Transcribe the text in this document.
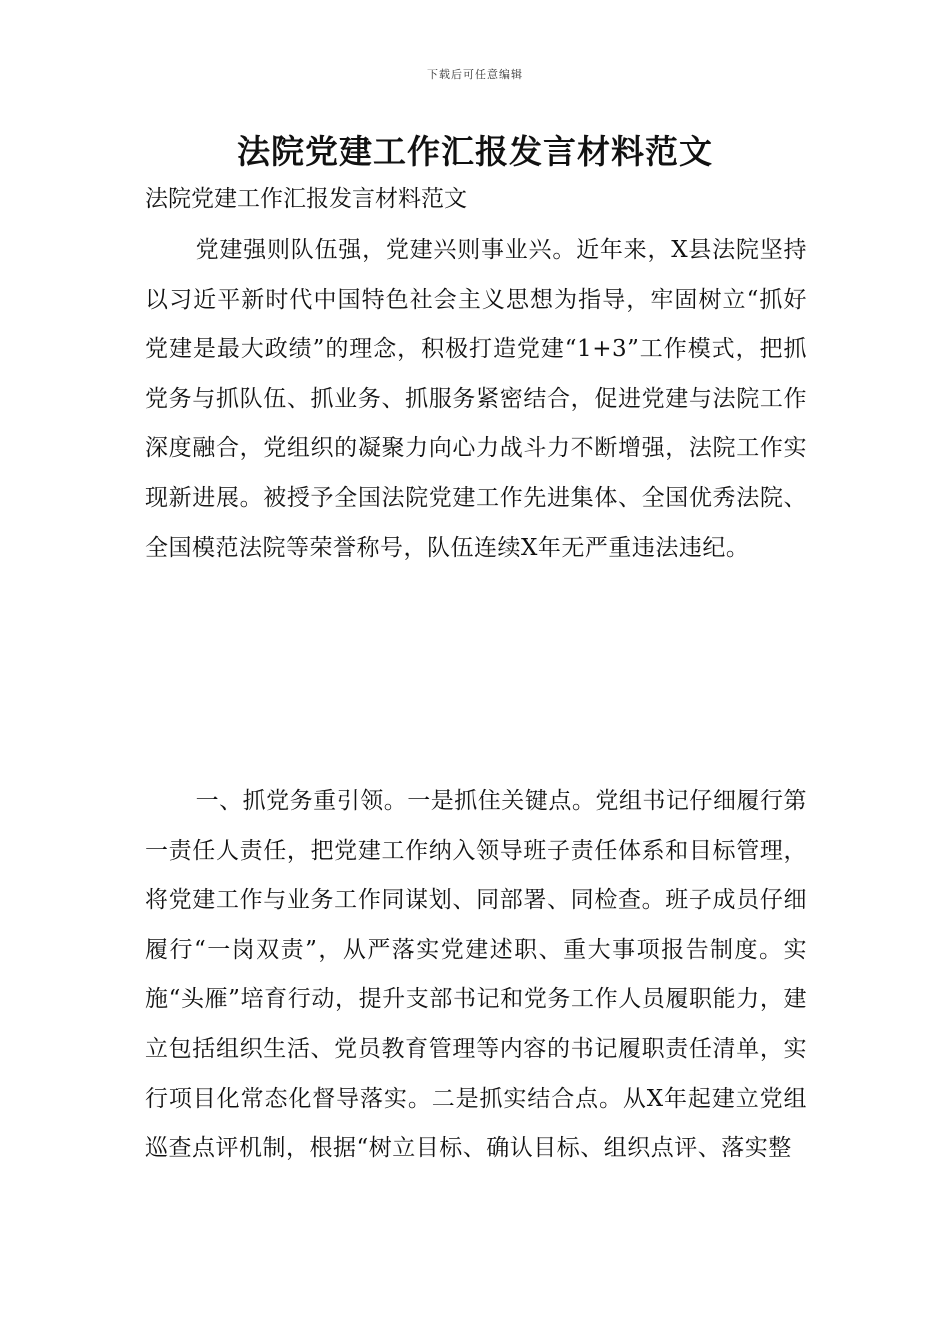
下载后可任意编辑
法院党建工作汇报发言材料范文
法院党建工作汇报发言材料范文

党建强则队伍强，党建兴则事业兴。近年来，X县法院坚持以习近平新时代中国特色社会主义思想为指导，牢固树立“抓好党建是最大政绩”的理念，积极打造党建“1+3”工作模式，把抓党务与抓队伍、抓业务、抓服务紧密结合，促进党建与法院工作深度融合，党组织的凝聚力向心力战斗力不断增强，法院工作实现新进展。被授予全国法院党建工作先进集体、全国优秀法院、全国模范法院等荣誉称号，队伍连续X年无严重违法违纪。

一、抓党务重引领。一是抓住关键点。党组书记仔细履行第一责任人责任，把党建工作纳入领导班子责任体系和目标管理，将党建工作与业务工作同谋划、同部署、同检查。班子成员仔细履行“一岗双责”，从严落实党建述职、重大事项报告制度。实施“头雁”培育行动，提升支部书记和党务工作人员履职能力，建立包括组织生活、党员教育管理等内容的书记履职责任清单，实行项目化常态化督导落实。二是抓实结合点。从X年起建立党组巡查点评机制，根据“树立目标、确认目标、组织点评、落实整
